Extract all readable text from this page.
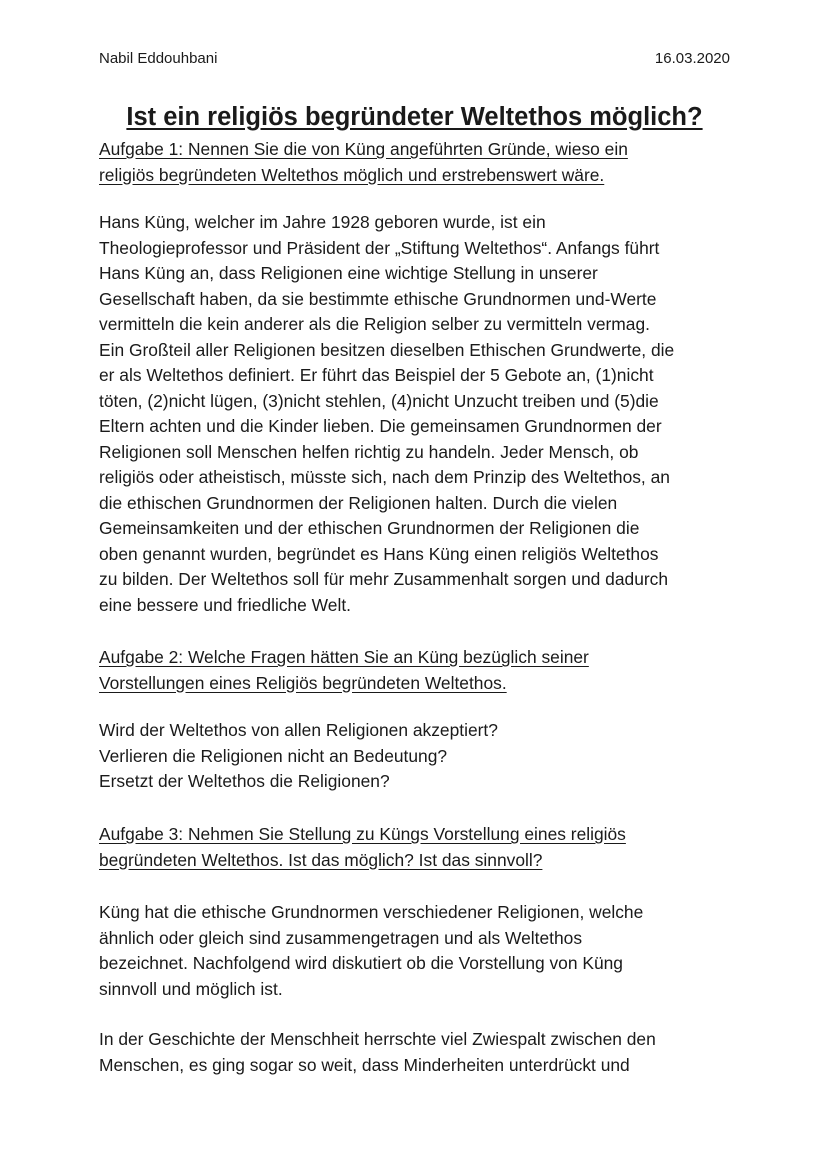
Nabil Eddouhbani	16.03.2020
Ist ein religiös begründeter Weltethos möglich?
Aufgabe 1: Nennen Sie die von Küng angeführten Gründe, wieso ein
religiös begründeten Weltethos möglich und erstrebenswert wäre.
Hans Küng, welcher im Jahre 1928 geboren wurde, ist ein
Theologieprofessor und Präsident der „Stiftung Weltethos“. Anfangs führt
Hans Küng an, dass Religionen eine wichtige Stellung in unserer
Gesellschaft haben, da sie bestimmte ethische Grundnormen und-Werte
vermitteln die kein anderer als die Religion selber zu vermitteln vermag.
Ein Großteil aller Religionen besitzen dieselben Ethischen Grundwerte, die
er als Weltethos definiert. Er führt das Beispiel der 5 Gebote an, (1)nicht
töten, (2)nicht lügen, (3)nicht stehlen, (4)nicht Unzucht treiben und (5)die
Eltern achten und die Kinder lieben. Die gemeinsamen Grundnormen der
Religionen soll Menschen helfen richtig zu handeln. Jeder Mensch, ob
religiös oder atheistisch, müsste sich, nach dem Prinzip des Weltethos, an
die ethischen Grundnormen der Religionen halten. Durch die vielen
Gemeinsamkeiten und der ethischen Grundnormen der Religionen die
oben genannt wurden, begründet es Hans Küng einen religiös Weltethos
zu bilden. Der Weltethos soll für mehr Zusammenhalt sorgen und dadurch
eine bessere und friedliche Welt.
Aufgabe 2: Welche Fragen hätten Sie an Küng bezüglich seiner
Vorstellungen eines Religiös begründeten Weltethos.
Wird der Weltethos von allen Religionen akzeptiert?
Verlieren die Religionen nicht an Bedeutung?
Ersetzt der Weltethos die Religionen?
Aufgabe 3: Nehmen Sie Stellung zu Küngs Vorstellung eines religiös
begründeten Weltethos. Ist das möglich? Ist das sinnvoll?
Küng hat die ethische Grundnormen verschiedener Religionen, welche
ähnlich oder gleich sind zusammengetragen und als Weltethos
bezeichnet. Nachfolgend wird diskutiert ob die Vorstellung von Küng
sinnvoll und möglich ist.
In der Geschichte der Menschheit herrschte viel Zwiespalt zwischen den
Menschen, es ging sogar so weit, dass Minderheiten unterdrückt und
